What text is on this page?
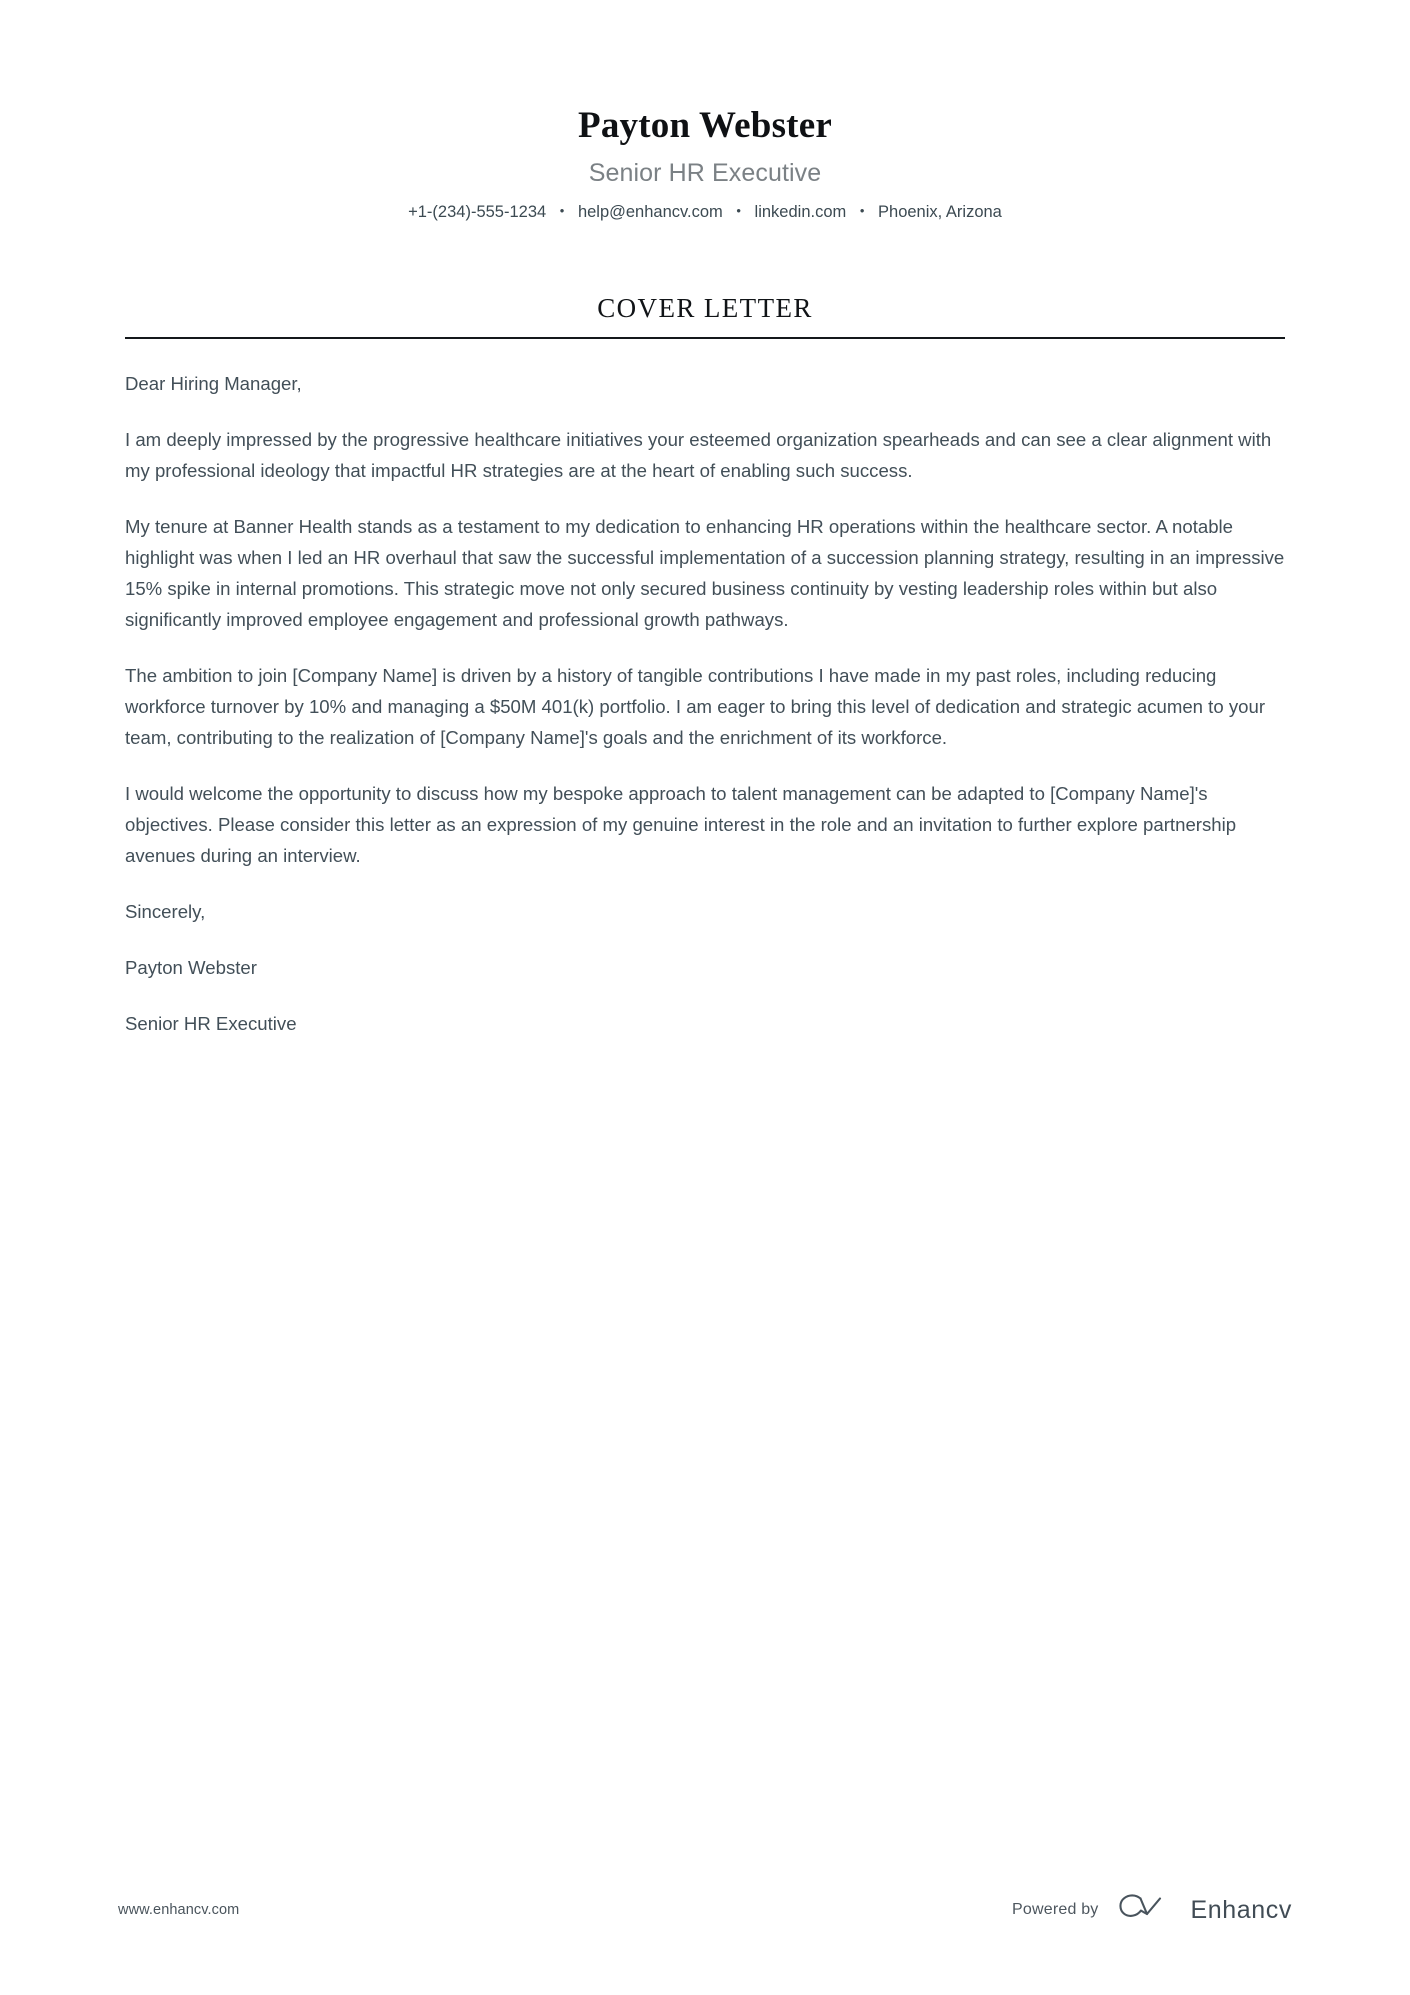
Payton Webster
Senior HR Executive
+1-(234)-555-1234 • help@enhancv.com • linkedin.com • Phoenix, Arizona
COVER LETTER

Dear Hiring Manager,

I am deeply impressed by the progressive healthcare initiatives your esteemed organization spearheads and can see a clear alignment with my professional ideology that impactful HR strategies are at the heart of enabling such success.

My tenure at Banner Health stands as a testament to my dedication to enhancing HR operations within the healthcare sector. A notable highlight was when I led an HR overhaul that saw the successful implementation of a succession planning strategy, resulting in an impressive 15% spike in internal promotions. This strategic move not only secured business continuity by vesting leadership roles within but also significantly improved employee engagement and professional growth pathways.

The ambition to join [Company Name] is driven by a history of tangible contributions I have made in my past roles, including reducing workforce turnover by 10% and managing a $50M 401(k) portfolio. I am eager to bring this level of dedication and strategic acumen to your team, contributing to the realization of [Company Name]'s goals and the enrichment of its workforce.

I would welcome the opportunity to discuss how my bespoke approach to talent management can be adapted to [Company Name]'s objectives. Please consider this letter as an expression of my genuine interest in the role and an invitation to further explore partnership avenues during an interview.

Sincerely,

Payton Webster

Senior HR Executive

www.enhancv.com	Powered by	Enhancv
